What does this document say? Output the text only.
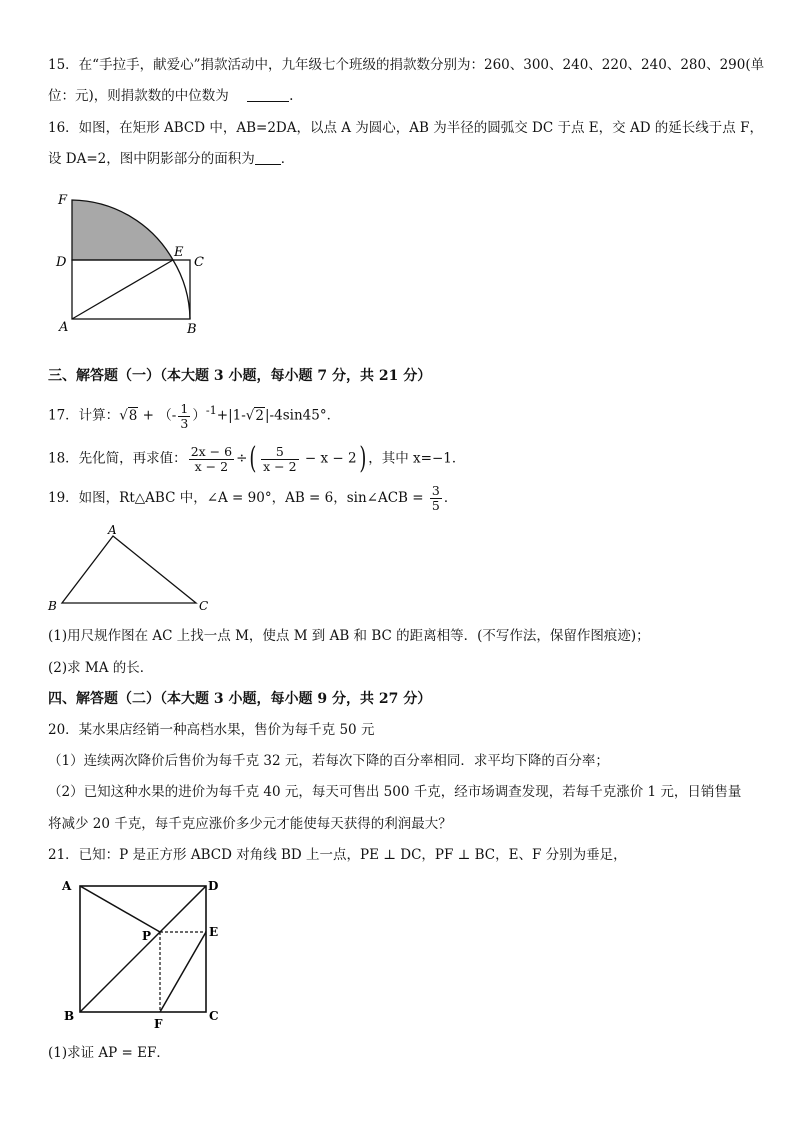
15．在“手拉手，献爱心”捐款活动中，九年级七个班级的捐款数分别为：260、300、240、220、240、280、290(单
位：元)，则捐款数的中位数为	.
16．如图，在矩形 ABCD 中，AB=2DA，以点 A 为圆心，AB 为半径的圆弧交 DC 于点 E，交 AD 的延长线于点 F，
设 DA=2，图中阴影部分的面积为 ．
F
D
E
C
A	B
三、解答题（一）（本大题 3 小题，每小题 7 分，共 21 分）
17．计算：√8 + （- $\frac{1}{3} )^{-1}+|1-√2|-4\sin 45^\circ$．
18．先化简，再求值： $\frac{2x - 6}{x - 2}$ ÷( $\frac{5}{x - 2} - x - 2$) ，其中 x=−1．
19．如图，Rt△ABC 中，∠A = 90°，AB = 6，sin∠ACB = $\frac{3}{5}$ ．
A
B	C
(1)用尺规作图在 AC 上找一点 M，使点 M 到 AB 和 BC 的距离相等．(不写作法，保留作图痕迹)；
(2)求 MA 的长．
四、解答题（二）（本大题 3 小题，每小题 9 分，共 27 分）
20．某水果店经销一种高档水果，售价为每千克 50 元
（1）连续两次降价后售价为每千克 32 元，若每次下降的百分率相同．求平均下降的百分率；
（2）已知这种水果的进价为每千克 40 元，每天可售出 500 千克，经市场调查发现，若每千克涨价 1 元，日销售量
将减少 20 千克，每千克应涨价多少元才能使每天获得的利润最大？
21．已知：P 是正方形 ABCD 对角线 BD 上一点，PE ⊥ DC，PF ⊥ BC，E、F 分别为垂足，
A	D
P	E
B
F
C
(1)求证 AP = EF．
